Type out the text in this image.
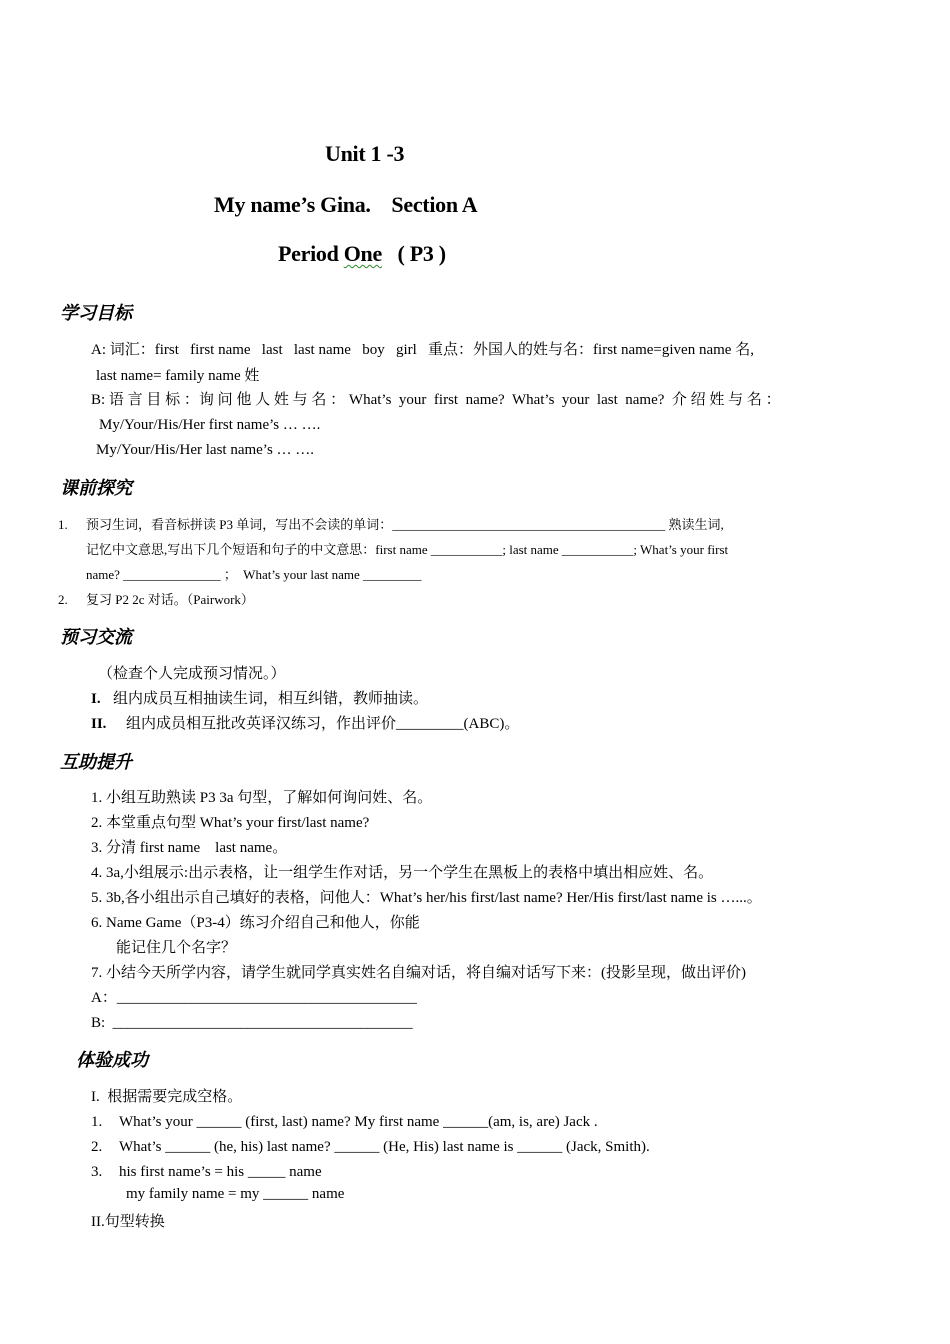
Unit 1 -3
My name’s Gina.    Section A
Period One   ( P3 )
学习目标
A: 词汇：first   first name   last   last name   boy   girl   重点：外国人的姓与名：first name=given name 名,
last name= family name 姓
B: 语 言 目 标 ：询 问 他 人 姓 与 名 ： What’s  your  first  name?  What’s  your  last  name?  介 绍 姓 与 名 ：
My/Your/His/Her first name’s … ….
My/Your/His/Her last name’s … ….
课前探究
1. 预习生词，看音标拼读 P3 单词，写出不会读的单词：__________________________________________ 熟读生词,
记忆中文意思,写出下几个短语和句子的中文意思：first name ___________; last name ___________; What’s your first
name? _______________ ；  What’s your last name _________
2. 复习 P2 2c 对话。（Pairwork）
预习交流
（检查个人完成预习情况。）
I. 组内成员互相抽读生词，相互纠错，教师抽读。
II. 组内成员相互批改英译汉练习，作出评价_________(ABC)。
互助提升
1. 小组互助熟读 P3 3a 句型，了解如何询问姓、名。
2. 本堂重点句型 What’s your first/last name?
3. 分清 first name    last name。
4. 3a,小组展示:出示表格，让一组学生作对话，另一个学生在黑板上的表格中填出相应姓、名。
5. 3b,各小组出示自己填好的表格，问他人：What’s her/his first/last name? Her/His first/last name is …...。
6. Name Game（P3-4）练习介绍自己和他人，你能
能记住几个名字？
7. 小结今天所学内容，请学生就同学真实姓名自编对话，将自编对话写下来：(投影呈现，做出评价)
A：________________________________________
B:  ________________________________________
体验成功
I.  根据需要完成空格。
1. What’s your ______ (first, last) name? My first name ______(am, is, are) Jack .
2. What’s ______ (he, his) last name? ______ (He, His) last name is ______ (Jack, Smith).
3. his first name’s = his _____ name
my family name = my ______ name
II.句型转换
